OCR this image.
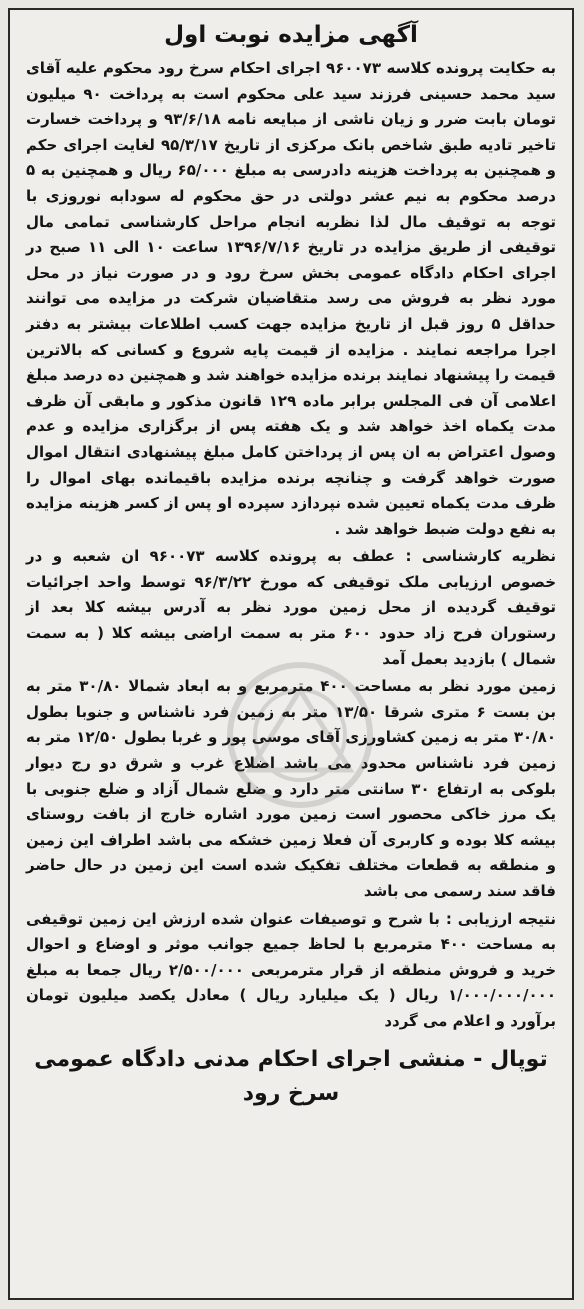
آگهی مزایده نوبت اول

به حکایت پرونده کلاسه ۹۶۰۰۷۳ اجرای احکام سرخ رود محکوم علیه آقای سید محمد حسینی فرزند سید علی محکوم است به پرداخت ۹۰ میلیون تومان بابت ضرر و زیان ناشی از مبایعه نامه ۹۳/۶/۱۸ و پرداخت خسارت تاخیر تادیه طبق شاخص بانک مرکزی از تاریخ ۹۵/۳/۱۷ لغایت اجرای حکم و همچنین به پرداخت هزینه دادرسی به مبلغ ۶۵/۰۰۰ ریال و همچنین به ۵ درصد محکوم به نیم عشر دولتی در حق محکوم له سودابه نوروزی با توجه به توقیف مال لذا نظربه انجام مراحل کارشناسی تمامی مال توقیفی از طریق مزایده در تاریخ ۱۳۹۶/۷/۱۶ ساعت ۱۰ الی ۱۱ صبح در اجرای احکام دادگاه عمومی بخش سرخ رود و در صورت نیاز در محل مورد نظر به فروش می رسد متقاضیان شرکت در مزایده می توانند حداقل ۵ روز قبل از تاریخ مزایده جهت کسب اطلاعات بیشتر به دفتر اجرا مراجعه نمایند . مزایده از قیمت پایه شروع و کسانی که بالاترین قیمت را پیشنهاد نمایند برنده مزایده خواهند شد و همچنین ده درصد مبلغ اعلامی آن فی المجلس برابر ماده ۱۲۹ قانون مذکور و مابقی آن ظرف مدت یکماه اخذ خواهد شد و یک هفته پس از برگزاری مزایده و عدم وصول اعتراض به ان پس از پرداختن کامل مبلغ پیشنهادی انتقال اموال صورت خواهد گرفت و چنانچه برنده مزایده باقیمانده بهای اموال را ظرف مدت یکماه تعیین شده نپردازد سپرده او پس از کسر هزینه مزایده به نفع دولت ضبط خواهد شد .

نظریه کارشناسی : عطف به پرونده کلاسه ۹۶۰۰۷۳ ان شعبه و در خصوص ارزیابی ملک توقیفی که مورخ ۹۶/۳/۲۲ توسط واحد اجرائیات توقیف گردیده از محل زمین مورد نظر به آدرس بیشه کلا بعد از رستوران فرح زاد حدود ۶۰۰ متر به سمت اراضی بیشه کلا ( به سمت شمال ) بازدید بعمل آمد

زمین مورد نظر به مساحت ۴۰۰ مترمربع و به ابعاد شمالا ۳۰/۸۰ متر به بن بست ۶ متری شرقا ۱۳/۵۰ متر به زمین فرد ناشناس و جنوبا بطول ۳۰/۸۰ متر به زمین کشاورزی آقای موسی پور و غربا بطول ۱۲/۵۰ متر به زمین فرد ناشناس محدود می باشد اضلاع غرب و شرق دو رج دیوار بلوکی به ارتفاع ۳۰ سانتی متر دارد و ضلع شمال آزاد و ضلع جنوبی با یک مرز خاکی محصور است زمین مورد اشاره خارج از بافت روستای بیشه کلا بوده و کاربری آن فعلا زمین خشکه می باشد اطراف این زمین و منطقه به قطعات مختلف تفکیک شده است این زمین در حال حاضر فاقد سند رسمی می باشد

نتیجه ارزیابی : با شرح و توصیفات عنوان شده ارزش این زمین توقیفی به مساحت ۴۰۰ مترمربع با لحاظ جمیع جوانب موثر و اوضاع و احوال خرید و فروش منطقه از قرار مترمربعی ۲/۵۰۰/۰۰۰ ریال جمعا به مبلغ ۱/۰۰۰/۰۰۰/۰۰۰ ریال ( یک میلیارد ریال ) معادل یکصد میلیون تومان برآورد و اعلام می گردد

توپال - منشی اجرای احکام مدنی دادگاه عمومی
سرخ رود
